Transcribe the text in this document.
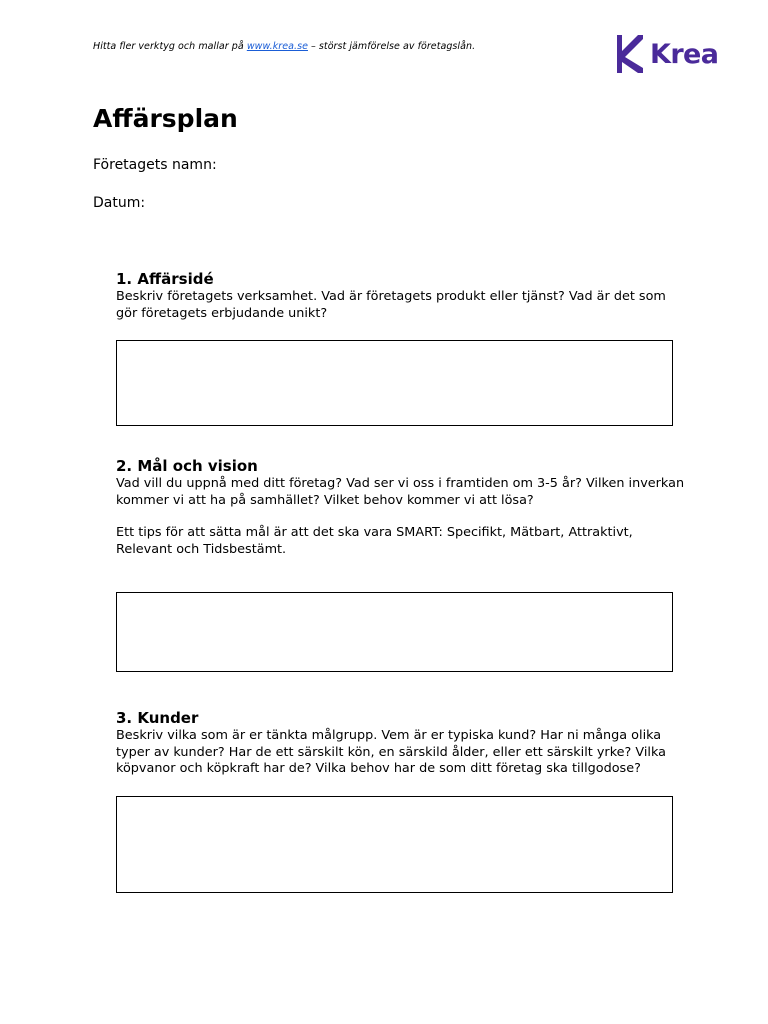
Hitta fler verktyg och mallar på www.krea.se – störst jämförelse av företagslån.	Krea
Affärsplan
Företagets namn:
Datum:
1. Affärsidé

Beskriv företagets verksamhet. Vad är företagets produkt eller tjänst? Vad är det som gör företagets erbjudande unikt?

2. Mål och vision

Vad vill du uppnå med ditt företag? Vad ser vi oss i framtiden om 3-5 år? Vilken inverkan kommer vi att ha på samhället? Vilket behov kommer vi att lösa?

Ett tips för att sätta mål är att det ska vara SMART: Specifikt, Mätbart, Attraktivt, Relevant och Tidsbestämt.

3. Kunder

Beskriv vilka som är er tänkta målgrupp. Vem är er typiska kund? Har ni många olika typer av kunder? Har de ett särskilt kön, en särskild ålder, eller ett särskilt yrke? Vilka köpvanor och köpkraft har de? Vilka behov har de som ditt företag ska tillgodose?
